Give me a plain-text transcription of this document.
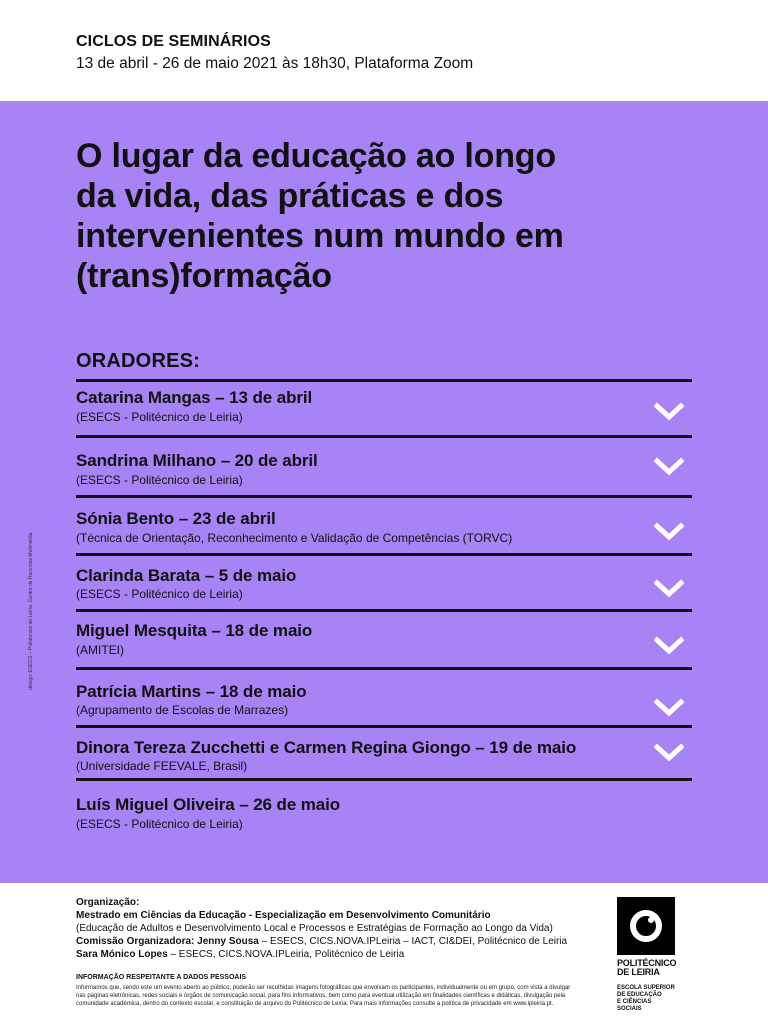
CICLOS DE SEMINÁRIOS
13 de abril - 26 de maio 2021 às 18h30, Plataforma Zoom
O lugar da educação ao longo
da vida, das práticas e dos
intervenientes num mundo em
(trans)formação
ORADORES:
Catarina Mangas – 13 de abril
(ESECS - Politécnico de Leiria)
Sandrina Milhano – 20 de abril
(ESECS - Politécnico de Leiria)
Sónia Bento – 23 de abril
(Técnica de Orientação, Reconhecimento e Validação de Competências (TORVC)
Clarinda Barata – 5 de maio
(ESECS - Politécnico de Leiria)
Miguel Mesquita – 18 de maio
(AMITEI)
Patrícia Martins – 18 de maio
(Agrupamento de Escolas de Marrazes)
Dinora Tereza Zucchetti e Carmen Regina Giongo – 19 de maio
(Universidade FEEVALE, Brasil)
Luís Miguel Oliveira – 26 de maio
(ESECS - Politécnico de Leiria)
design: ESECS – Politécnico de Leiria, Centro de Recursos Multimédia
Organização:
Mestrado em Ciências da Educação - Especialização em Desenvolvimento Comunitário
(Educação de Adultos e Desenvolvimento Local e Processos e Estratégias de Formação ao Longo da Vida)
Comissão Organizadora: Jenny Sousa – ESECS, CICS.NOVA.IPLeiria – IACT, CI&DEI, Politécnico de Leiria
Sara Mónico Lopes – ESECS, CICS.NOVA.IPLeiria, Politécnico de Leiria
INFORMAÇÃO RESPEITANTE A DADOS PESSOAIS
Informamos que, sendo este um evento aberto ao público, poderão ser recolhidas imagens fotográficas que envolvam os participantes, individualmente ou em grupo, com vista a divulgar nas páginas eletrónicas, redes sociais e órgãos de comunicação social, para fins informativos, bem como para eventual utilização em finalidades científicas e didáticas, divulgação pela comunidade académica, dentro do contexto escolar, e constituição de arquivo do Politécnico de Leiria. Para mais informações consulte a política de privacidade em www.ipleiria.pt.
POLITÉCNICO
DE LEIRIA
ESCOLA SUPERIOR
DE EDUCAÇÃO
E CIÊNCIAS SOCIAIS
